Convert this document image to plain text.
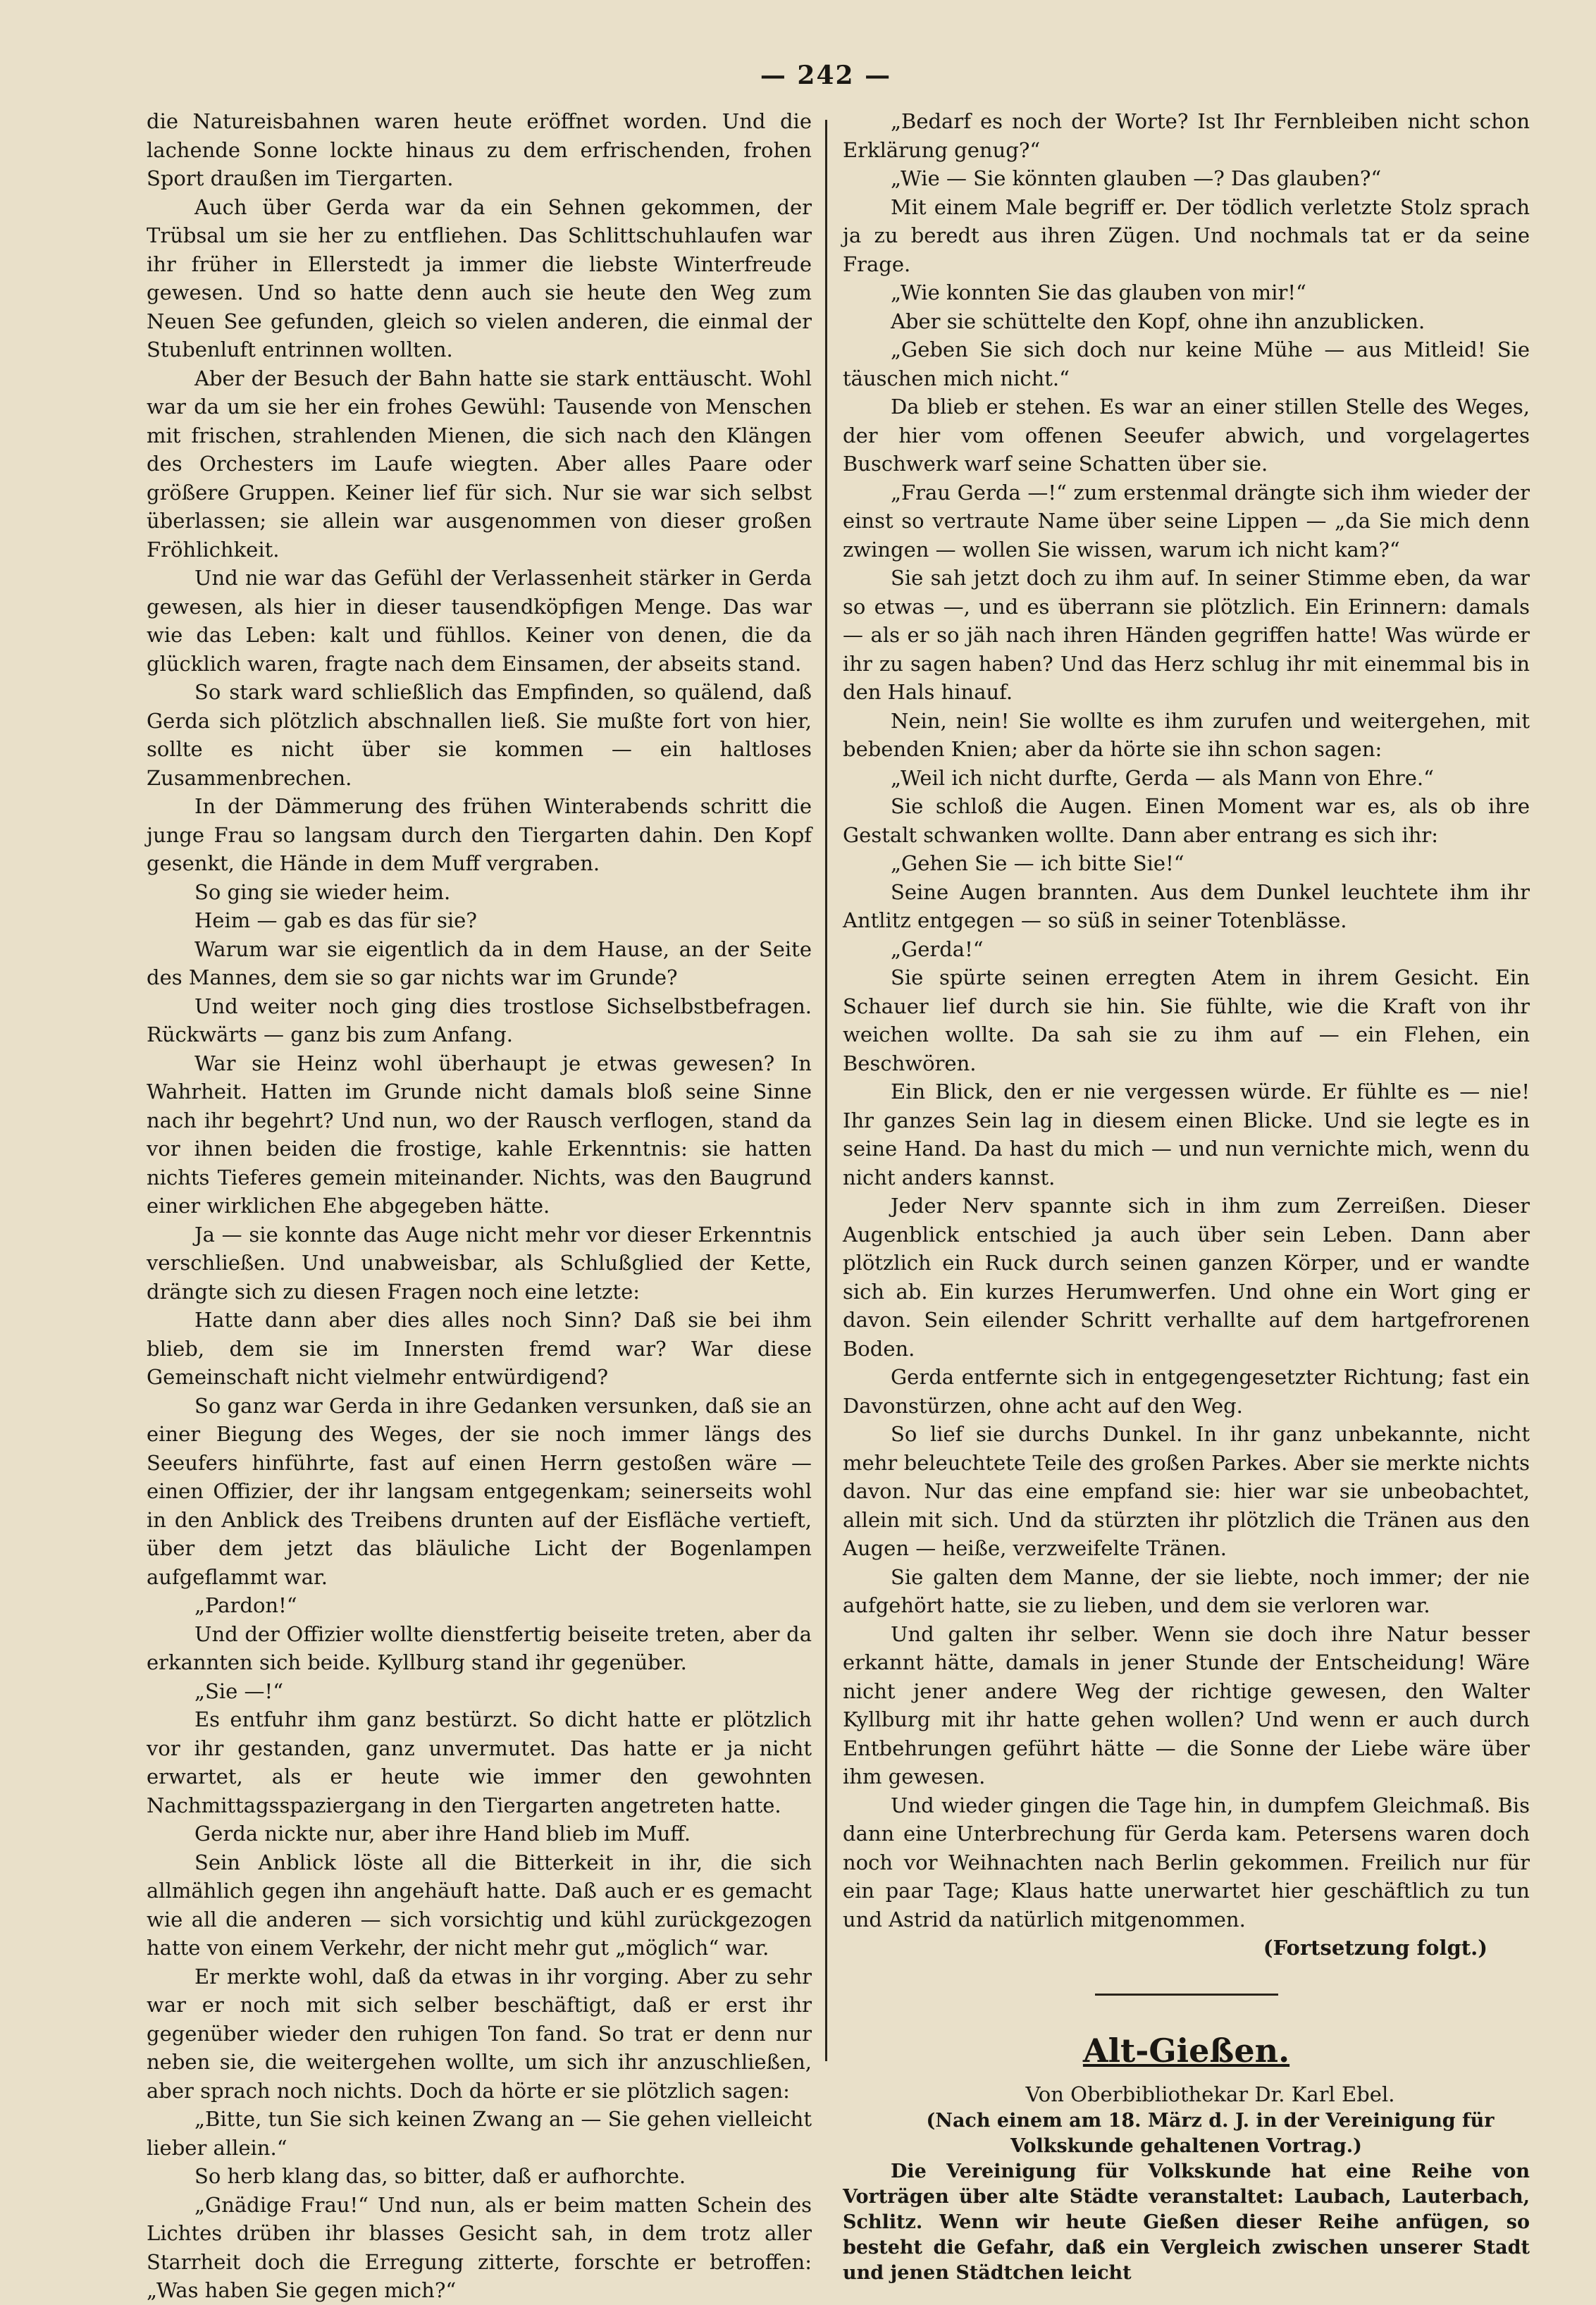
— 242 —

die Natureisbahnen waren heute eröffnet worden. Und die lachende Sonne lockte hinaus zu dem erfrischenden, frohen Sport draußen im Tiergarten.

Auch über Gerda war da ein Sehnen gekommen, der Trübsal um sie her zu entfliehen. Das Schlittschuhlaufen war ihr früher in Ellerstedt ja immer die liebste Winterfreude gewesen. Und so hatte denn auch sie heute den Weg zum Neuen See gefunden, gleich so vielen anderen, die einmal der Stubenluft entrinnen wollten.

Aber der Besuch der Bahn hatte sie stark enttäuscht. Wohl war da um sie her ein frohes Gewühl: Tausende von Menschen mit frischen, strahlenden Mienen, die sich nach den Klängen des Orchesters im Laufe wiegten. Aber alles Paare oder größere Gruppen. Keiner lief für sich. Nur sie war sich selbst überlassen; sie allein war ausgenommen von dieser großen Fröhlichkeit.

Und nie war das Gefühl der Verlassenheit stärker in Gerda gewesen, als hier in dieser tausendköpfigen Menge. Das war wie das Leben: kalt und fühllos. Keiner von denen, die da glücklich waren, fragte nach dem Einsamen, der abseits stand.

So stark ward schließlich das Empfinden, so quälend, daß Gerda sich plötzlich abschnallen ließ. Sie mußte fort von hier, sollte es nicht über sie kommen — ein haltloses Zusammenbrechen.

In der Dämmerung des frühen Winterabends schritt die junge Frau so langsam durch den Tiergarten dahin. Den Kopf gesenkt, die Hände in dem Muff vergraben.

So ging sie wieder heim.

Heim — gab es das für sie?

Warum war sie eigentlich da in dem Hause, an der Seite des Mannes, dem sie so gar nichts war im Grunde?

Und weiter noch ging dies trostlose Sichselbstbefragen. Rückwärts — ganz bis zum Anfang.

War sie Heinz wohl überhaupt je etwas gewesen? In Wahrheit. Hatten im Grunde nicht damals bloß seine Sinne nach ihr begehrt? Und nun, wo der Rausch verflogen, stand da vor ihnen beiden die frostige, kahle Erkenntnis: sie hatten nichts Tieferes gemein miteinander. Nichts, was den Baugrund einer wirklichen Ehe abgegeben hätte.

Ja — sie konnte das Auge nicht mehr vor dieser Erkenntnis verschließen. Und unabweisbar, als Schlußglied der Kette, drängte sich zu diesen Fragen noch eine letzte:

Hatte dann aber dies alles noch Sinn? Daß sie bei ihm blieb, dem sie im Innersten fremd war? War diese Gemeinschaft nicht vielmehr entwürdigend?

So ganz war Gerda in ihre Gedanken versunken, daß sie an einer Biegung des Weges, der sie noch immer längs des Seeufers hinführte, fast auf einen Herrn gestoßen wäre — einen Offizier, der ihr langsam entgegenkam; seinerseits wohl in den Anblick des Treibens drunten auf der Eisfläche vertieft, über dem jetzt das bläuliche Licht der Bogenlampen aufgeflammt war.

„Pardon!“

Und der Offizier wollte dienstfertig beiseite treten, aber da erkannten sich beide. Kyllburg stand ihr gegenüber.

„Sie —!“

Es entfuhr ihm ganz bestürzt. So dicht hatte er plötzlich vor ihr gestanden, ganz unvermutet. Das hatte er ja nicht erwartet, als er heute wie immer den gewohnten Nachmittagsspaziergang in den Tiergarten angetreten hatte.

Gerda nickte nur, aber ihre Hand blieb im Muff.

Sein Anblick löste all die Bitterkeit in ihr, die sich allmählich gegen ihn angehäuft hatte. Daß auch er es gemacht wie all die anderen — sich vorsichtig und kühl zurückgezogen hatte von einem Verkehr, der nicht mehr gut „möglich“ war.

Er merkte wohl, daß da etwas in ihr vorging. Aber zu sehr war er noch mit sich selber beschäftigt, daß er erst ihr gegenüber wieder den ruhigen Ton fand. So trat er denn nur neben sie, die weitergehen wollte, um sich ihr anzuschließen, aber sprach noch nichts. Doch da hörte er sie plötzlich sagen:

„Bitte, tun Sie sich keinen Zwang an — Sie gehen vielleicht lieber allein.“

So herb klang das, so bitter, daß er aufhorchte.

„Gnädige Frau!“ Und nun, als er beim matten Schein des Lichtes drüben ihr blasses Gesicht sah, in dem trotz aller Starrheit doch die Erregung zitterte, forschte er betroffen: „Was haben Sie gegen mich?“

„Bedarf es noch der Worte? Ist Ihr Fernbleiben nicht schon Erklärung genug?“

„Wie — Sie könnten glauben —? Das glauben?“

Mit einem Male begriff er. Der tödlich verletzte Stolz sprach ja zu beredt aus ihren Zügen. Und nochmals tat er da seine Frage.

„Wie konnten Sie das glauben von mir!“

Aber sie schüttelte den Kopf, ohne ihn anzublicken.

„Geben Sie sich doch nur keine Mühe — aus Mitleid! Sie täuschen mich nicht.“

Da blieb er stehen. Es war an einer stillen Stelle des Weges, der hier vom offenen Seeufer abwich, und vorgelagertes Buschwerk warf seine Schatten über sie.

„Frau Gerda —!“ zum erstenmal drängte sich ihm wieder der einst so vertraute Name über seine Lippen — „da Sie mich denn zwingen — wollen Sie wissen, warum ich nicht kam?“

Sie sah jetzt doch zu ihm auf. In seiner Stimme eben, da war so etwas —, und es überrann sie plötzlich. Ein Erinnern: damals — als er so jäh nach ihren Händen gegriffen hatte! Was würde er ihr zu sagen haben? Und das Herz schlug ihr mit einemmal bis in den Hals hinauf.

Nein, nein! Sie wollte es ihm zurufen und weitergehen, mit bebenden Knien; aber da hörte sie ihn schon sagen:

„Weil ich nicht durfte, Gerda — als Mann von Ehre.“

Sie schloß die Augen. Einen Moment war es, als ob ihre Gestalt schwanken wollte. Dann aber entrang es sich ihr:

„Gehen Sie — ich bitte Sie!“

Seine Augen brannten. Aus dem Dunkel leuchtete ihm ihr Antlitz entgegen — so süß in seiner Totenblässe.

„Gerda!“

Sie spürte seinen erregten Atem in ihrem Gesicht. Ein Schauer lief durch sie hin. Sie fühlte, wie die Kraft von ihr weichen wollte. Da sah sie zu ihm auf — ein Flehen, ein Beschwören.

Ein Blick, den er nie vergessen würde. Er fühlte es — nie! Ihr ganzes Sein lag in diesem einen Blicke. Und sie legte es in seine Hand. Da hast du mich — und nun vernichte mich, wenn du nicht anders kannst.

Jeder Nerv spannte sich in ihm zum Zerreißen. Dieser Augenblick entschied ja auch über sein Leben. Dann aber plötzlich ein Ruck durch seinen ganzen Körper, und er wandte sich ab. Ein kurzes Herumwerfen. Und ohne ein Wort ging er davon. Sein eilender Schritt verhallte auf dem hartgefrorenen Boden.

Gerda entfernte sich in entgegengesetzter Richtung; fast ein Davonstürzen, ohne acht auf den Weg.

So lief sie durchs Dunkel. In ihr ganz unbekannte, nicht mehr beleuchtete Teile des großen Parkes. Aber sie merkte nichts davon. Nur das eine empfand sie: hier war sie unbeobachtet, allein mit sich. Und da stürzten ihr plötzlich die Tränen aus den Augen — heiße, verzweifelte Tränen.

Sie galten dem Manne, der sie liebte, noch immer; der nie aufgehört hatte, sie zu lieben, und dem sie verloren war.

Und galten ihr selber. Wenn sie doch ihre Natur besser erkannt hätte, damals in jener Stunde der Entscheidung! Wäre nicht jener andere Weg der richtige gewesen, den Walter Kyllburg mit ihr hatte gehen wollen? Und wenn er auch durch Entbehrungen geführt hätte — die Sonne der Liebe wäre über ihm gewesen.

Und wieder gingen die Tage hin, in dumpfem Gleichmaß. Bis dann eine Unterbrechung für Gerda kam. Petersens waren doch noch vor Weihnachten nach Berlin gekommen. Freilich nur für ein paar Tage; Klaus hatte unerwartet hier geschäftlich zu tun und Astrid da natürlich mitgenommen.

(Fortsetzung folgt.)

Alt-Gießen.

Von Oberbibliothekar Dr. Karl Ebel.

(Nach einem am 18. März d. J. in der Vereinigung für Volkskunde gehaltenen Vortrag.)

Die Vereinigung für Volkskunde hat eine Reihe von Vorträgen über alte Städte veranstaltet: Laubach, Lauterbach, Schlitz. Wenn wir heute Gießen dieser Reihe anfügen, so besteht die Gefahr, daß ein Vergleich zwischen unserer Stadt und jenen Städtchen leicht
